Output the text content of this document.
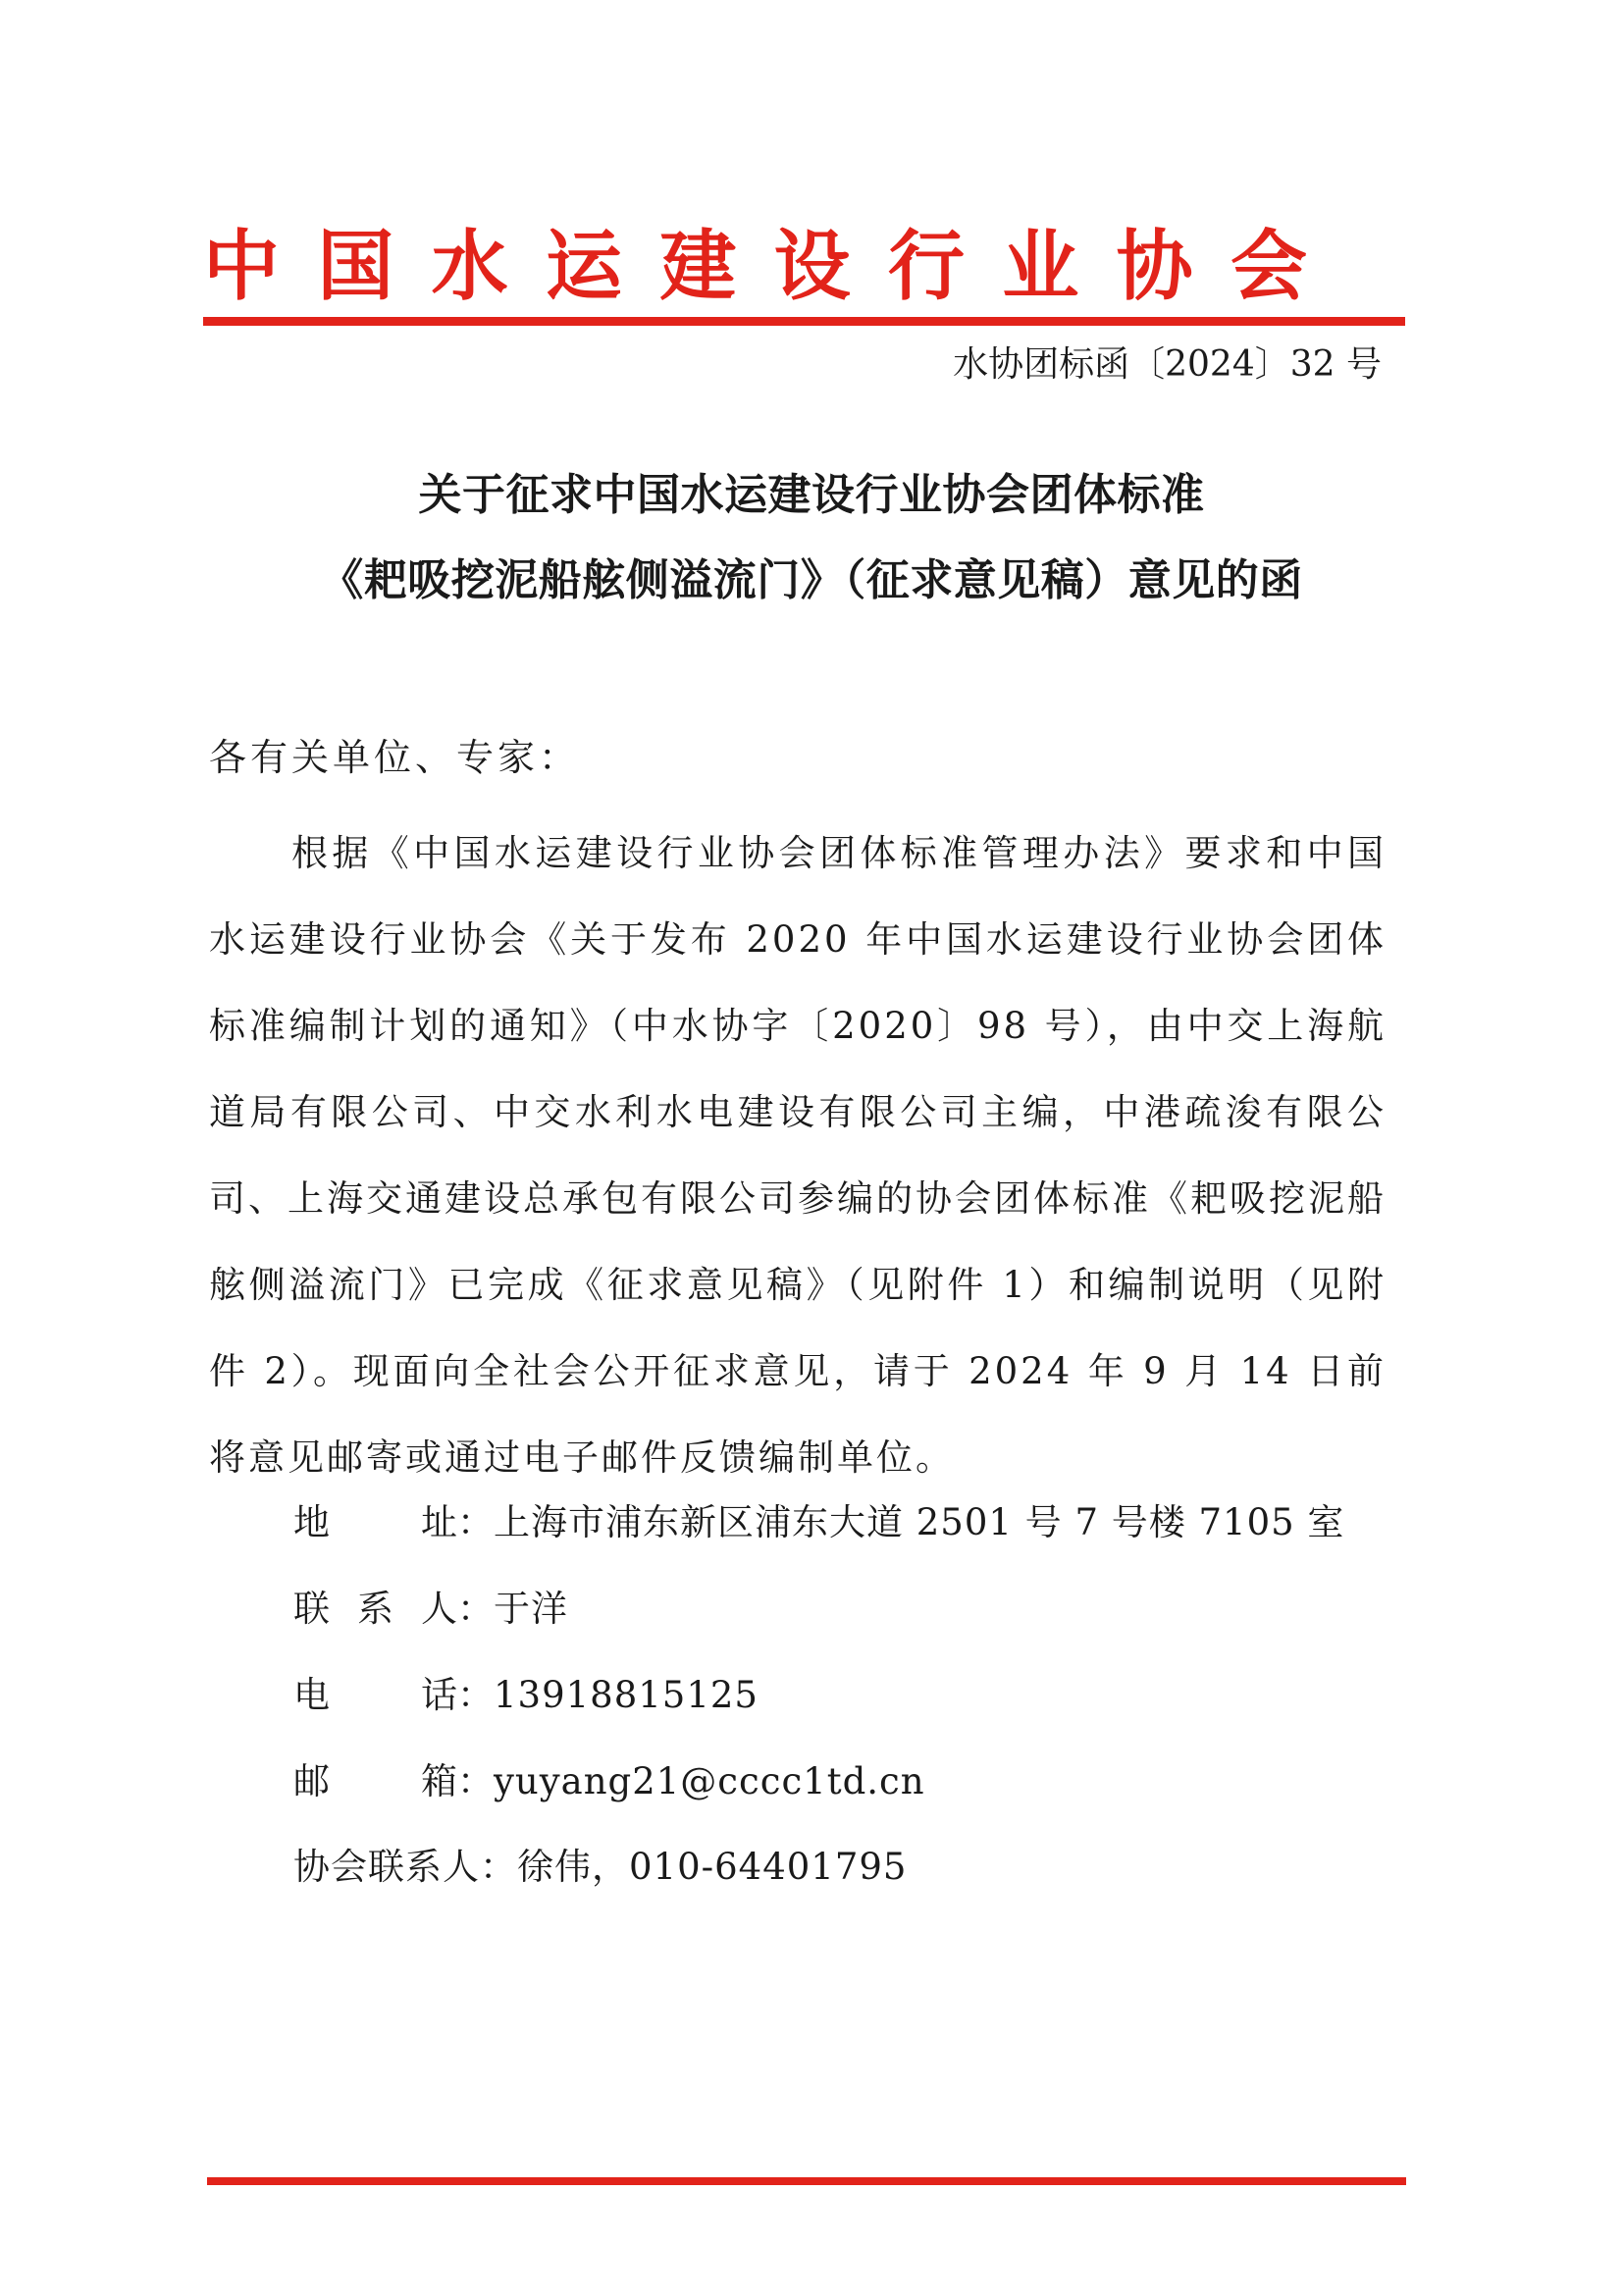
中 国 水 运 建 设 行 业 协 会
水协团标函〔2024〕32 号
关于征求中国水运建设行业协会团体标准
《耙吸挖泥船舷侧溢流门》（征求意见稿）意见的函
各有关单位、专家：
根据《中国水运建设行业协会团体标准管理办法》要求和中国水运建设行业协会《关于发布 2020 年中国水运建设行业协会团体标准编制计划的通知》（中水协字〔2020〕98 号），由中交上海航道局有限公司、中交水利水电建设有限公司主编，中港疏浚有限公司、上海交通建设总承包有限公司参编的协会团体标准《耙吸挖泥船舷侧溢流门》已完成《征求意见稿》（见附件 1）和编制说明（见附件 2）。现面向全社会公开征求意见，请于 2024 年 9 月 14 日前将意见邮寄或通过电子邮件反馈编制单位。
地	址： 上海市浦东新区浦东大道 2501 号 7 号楼 7105 室
联 系 人： 于洋
电	话： 13918815125
邮	箱： yuyang21@cccc1td.cn
协会联系人：徐伟，010-64401795
